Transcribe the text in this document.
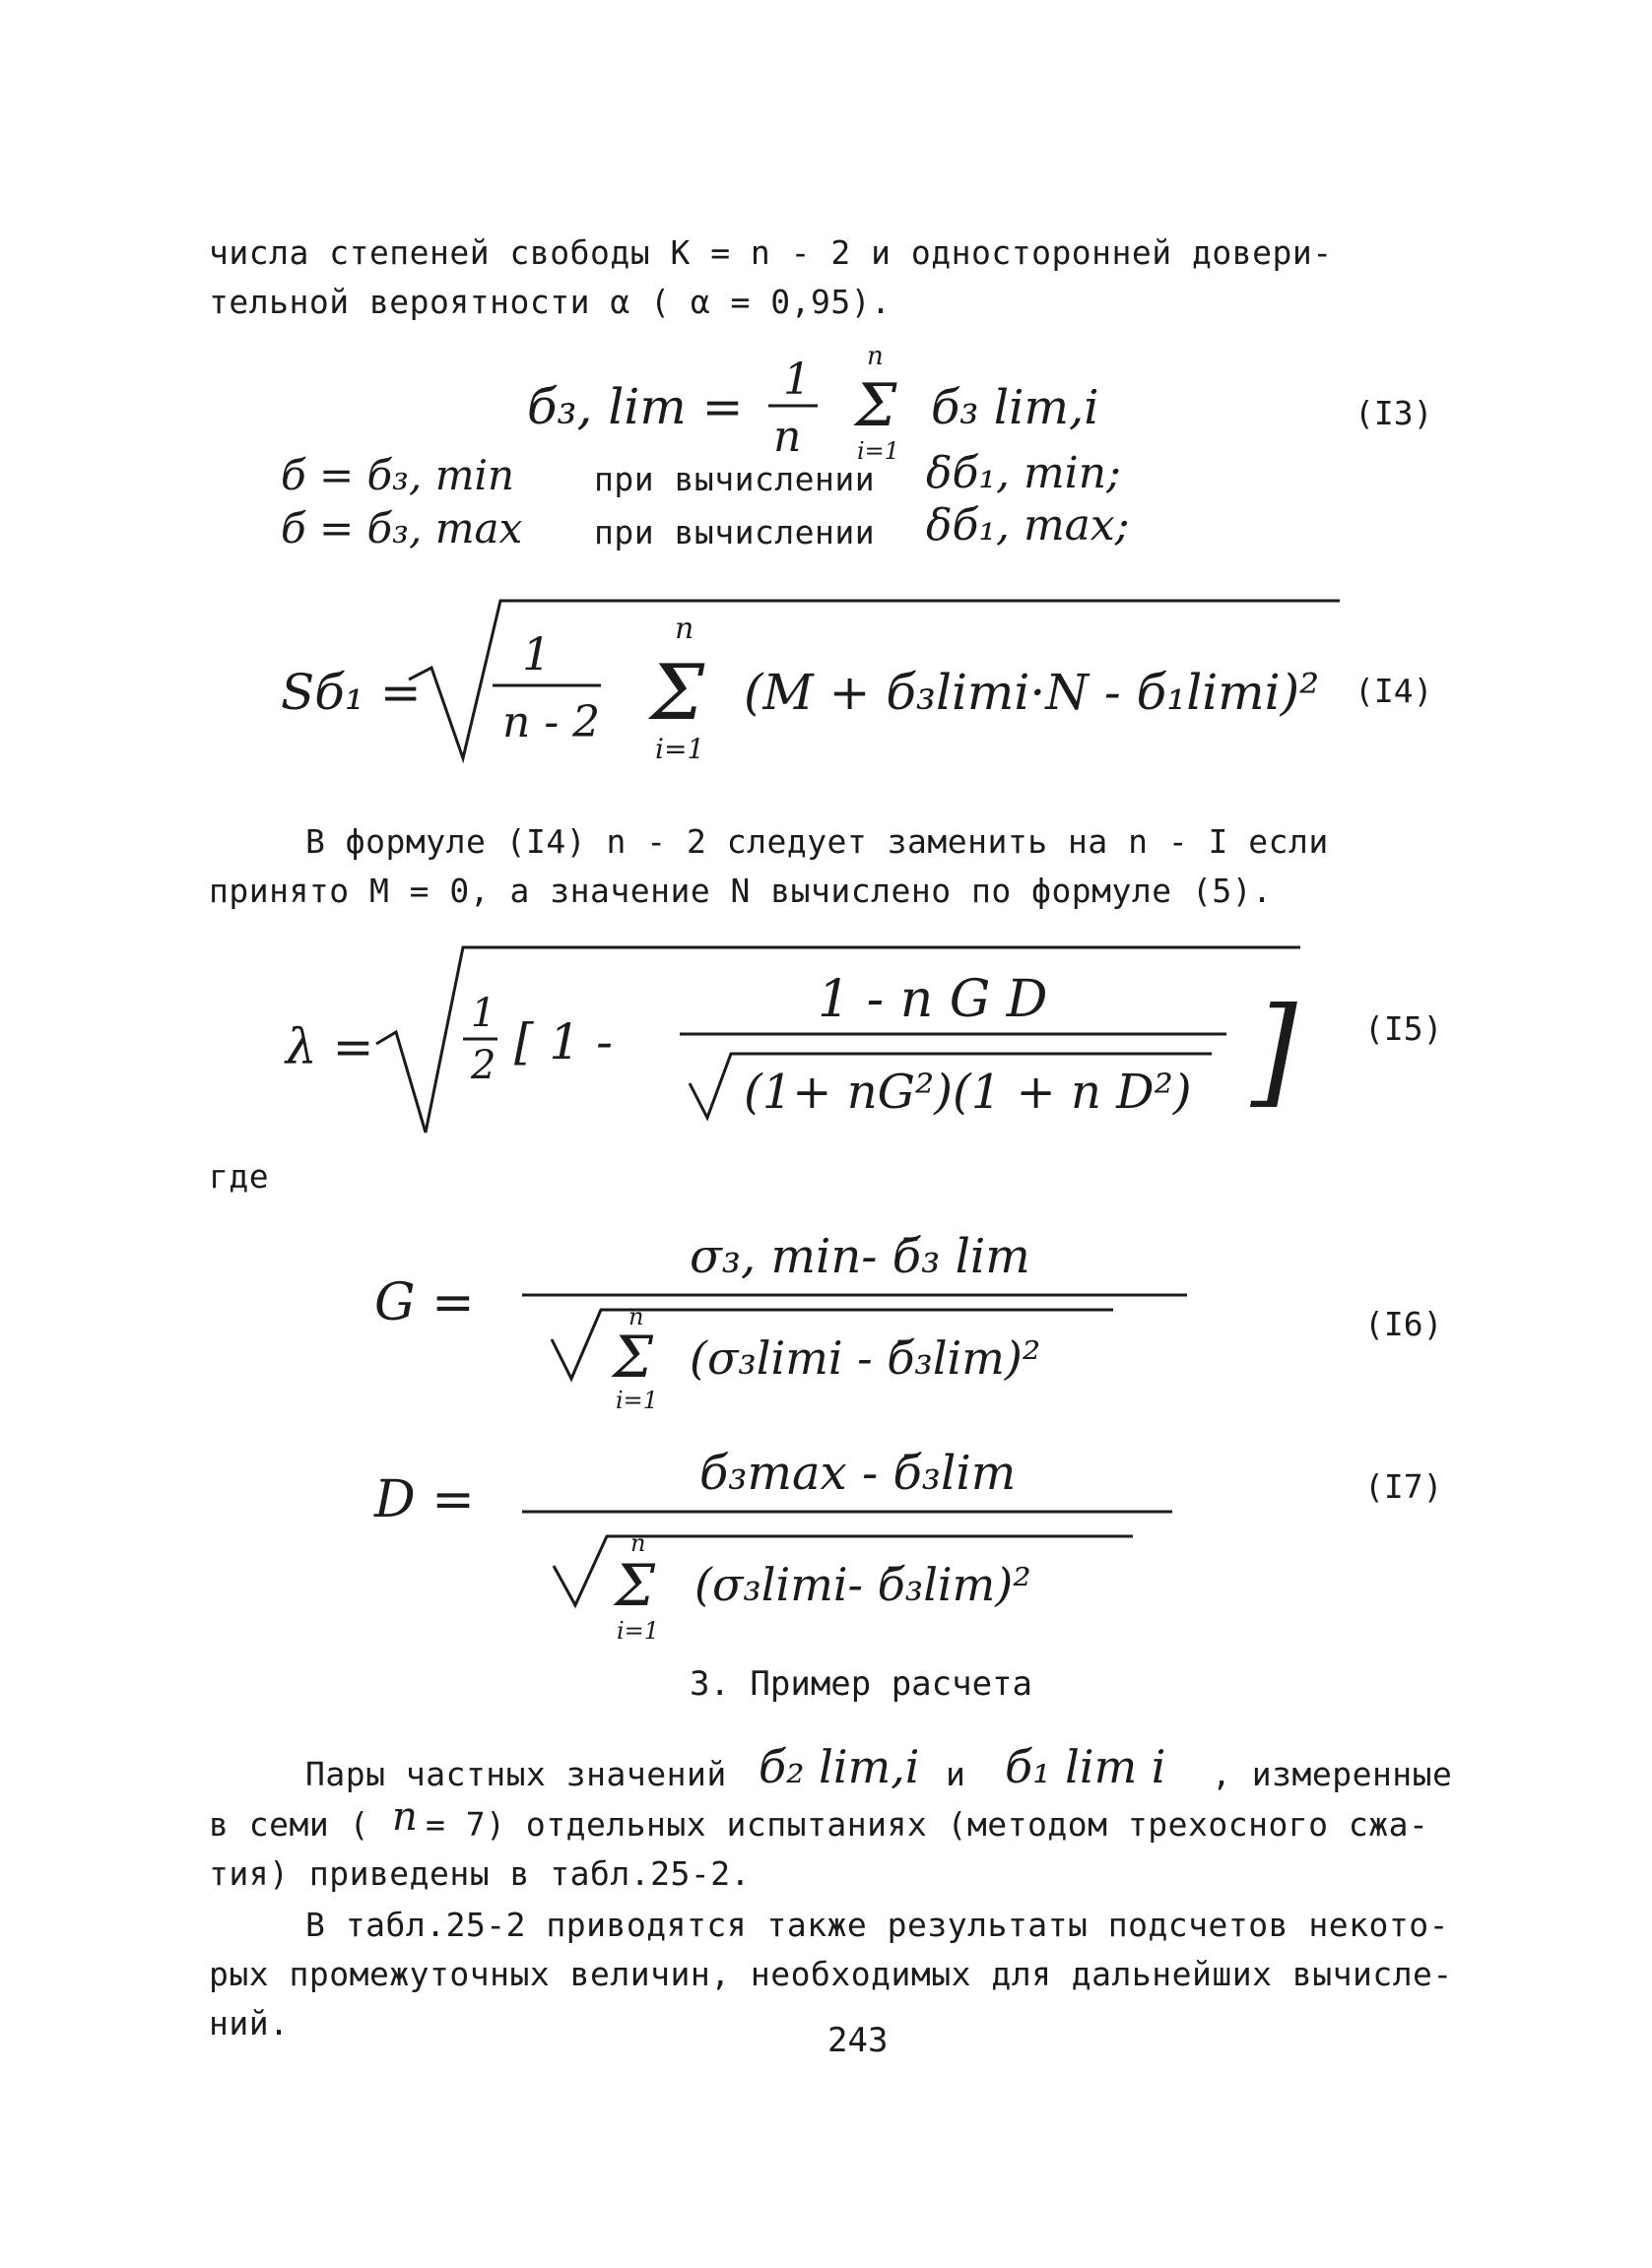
числа степеней свободы К = n - 2 и односторонней довери-
тельной вероятности α ( α = 0,95).
б₃, lim = 1
n
n
Σ
i=1
б₃ lim,i	(I3)
б = б₃, min при вычислении δб₁, min;
б = б₃, max при вычислении δб₁, max;
Sб₁ =
1
n - 2
n
Σ
i=1
(M + б₃limi·N - б₁limi)² (I4)
В формуле (I4) n - 2 следует заменить на n - I если
принято M = 0, а значение N вычислено по формуле (5).
λ =
1
2 [ 1 -
1 - n G D
(1+ nG²)(1 + n D²) ] (I5)
где
G =
σ₃, min- б̄₃ lim
n
Σ
i=1
(σ₃limi - б̄₃lim)²
(I6)
D =	б₃max - б̄₃lim
n
Σ
i=1
(σ₃limi- б̄₃lim)²
(I7)
3. Пример расчета
Пары частных значений б₂ lim,i и б₁ lim i , измеренные
в семи ( n = 7) отдельных испытаниях (методом трехосного сжа-
тия) приведены в табл.25-2.
В табл.25-2 приводятся также результаты подсчетов некото-
рых промежуточных величин, необходимых для дальнейших вычисле-
ний.	243
